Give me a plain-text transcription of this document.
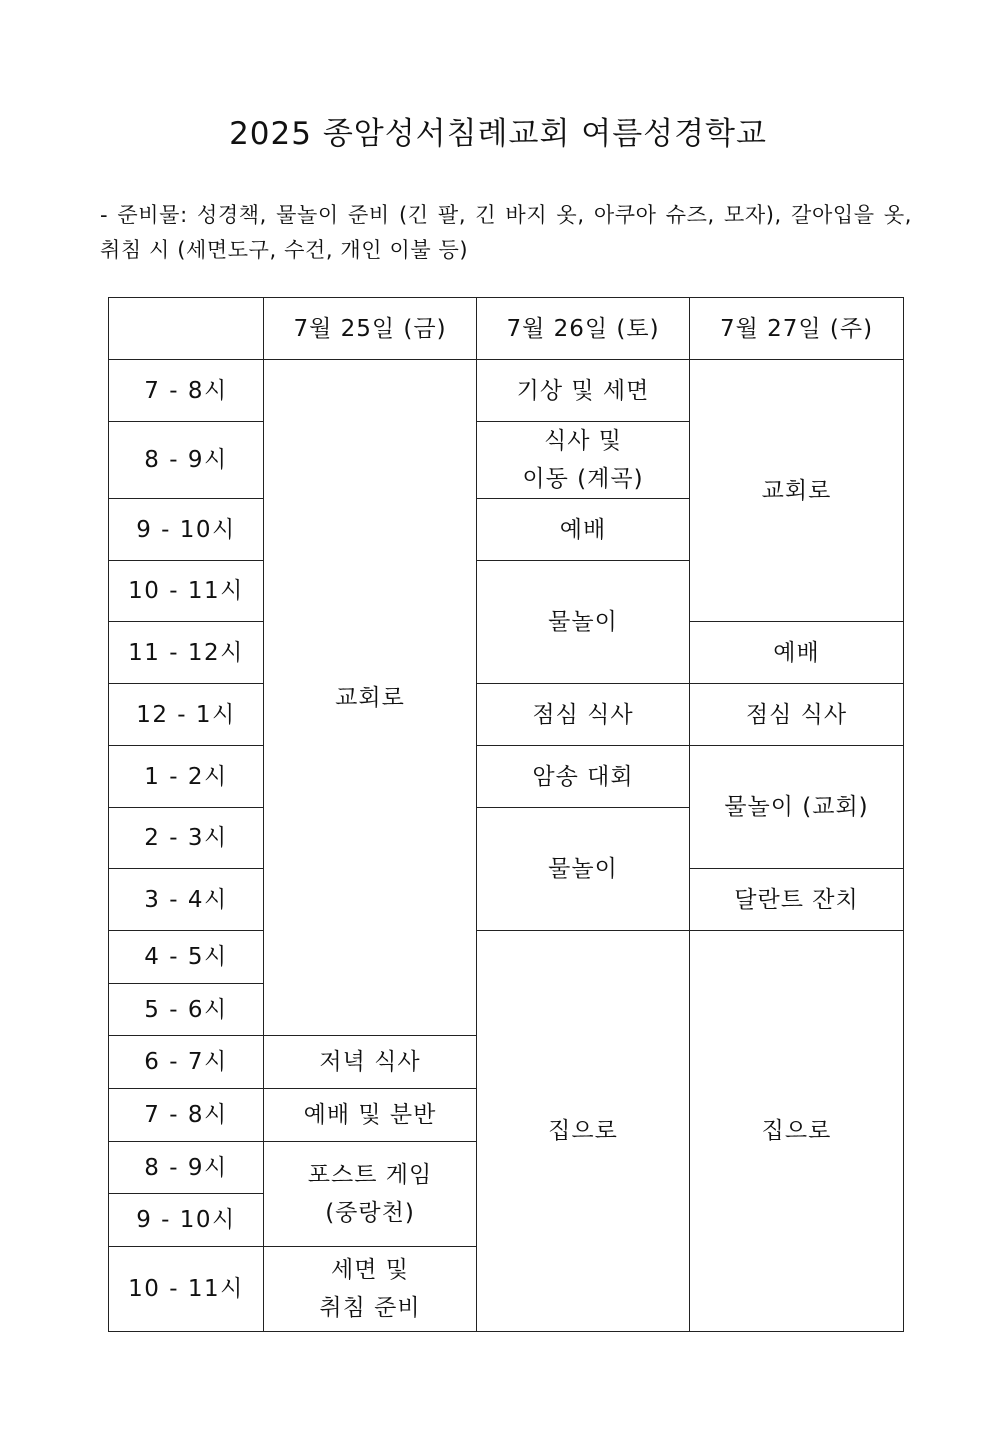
2025 종암성서침례교회 여름성경학교
- 준비물: 성경책, 물놀이 준비 (긴 팔, 긴 바지 옷, 아쿠아 슈즈, 모자), 갈아입을 옷, 취침 시 (세면도구, 수건, 개인 이불 등)
	7월 25일 (금)	7월 26일 (토)	7월 27일 (주)
7 - 8시	교회로	기상 및 세면	교회로
8 - 9시		식사 및
이동 (계곡)	

9 - 10시		예배	
10 - 11시		물놀이	
11 - 12시			예배
12 - 1시		점심 식사	점심 식사
1 - 2시		암송 대회	물놀이 (교회)
2 - 3시		물놀이	
3 - 4시			달란트 잔치
4 - 5시		집으로	집으로
5 - 6시			
6 - 7시	저녁 식사		
7 - 8시	예배 및 분반		
8 - 9시	포스트 게임
(중랑천)		

9 - 10시			
10 - 11시	세면 및
취침 준비		
